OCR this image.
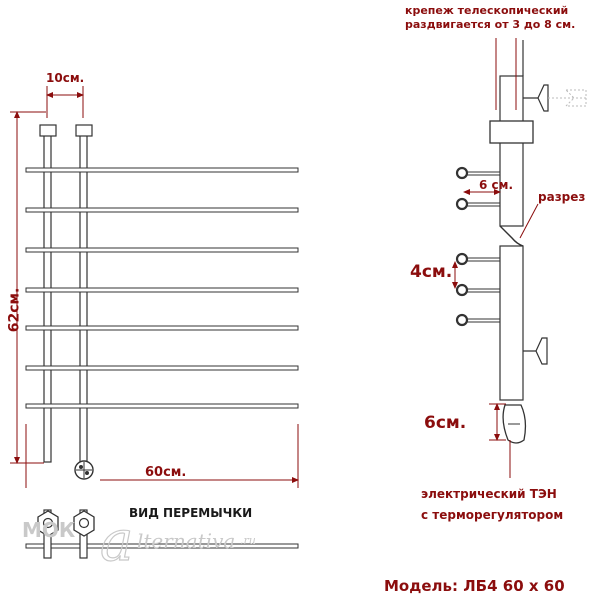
a
10см.
62см.
60см.
крепеж телескопический
раздвигается от 3 до 8 см.
6 см.
разрез
4см.
6см.
электрический ТЭН
с терморегулятором
ВИД ПЕРЕМЫЧКИ
МОК	lternativa .ru
Модель: ЛБ4 60 х 60
